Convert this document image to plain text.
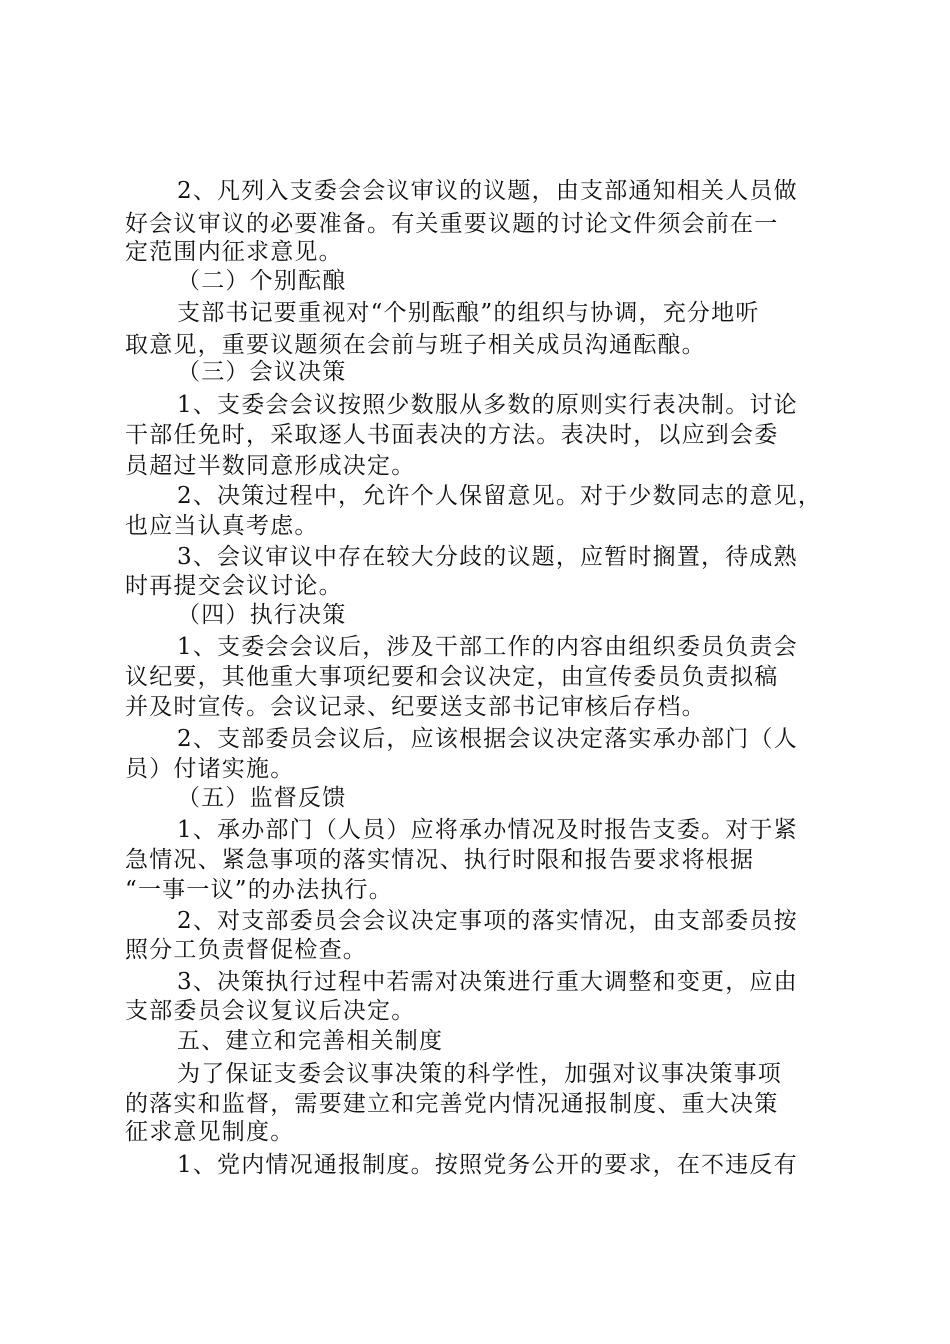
2、凡列入支委会会议审议的议题，由支部通知相关人员做
好会议审议的必要准备。有关重要议题的讨论文件须会前在一
定范围内征求意见。
（二）个别酝酿
支部书记要重视对“个别酝酿”的组织与协调，充分地听
取意见，重要议题须在会前与班子相关成员沟通酝酿。
（三）会议决策
1、支委会会议按照少数服从多数的原则实行表决制。讨论
干部任免时，采取逐人书面表决的方法。表决时，以应到会委
员超过半数同意形成决定。
2、决策过程中，允许个人保留意见。对于少数同志的意见，
也应当认真考虑。
3、会议审议中存在较大分歧的议题，应暂时搁置，待成熟
时再提交会议讨论。
（四）执行决策
1、支委会会议后，涉及干部工作的内容由组织委员负责会
议纪要，其他重大事项纪要和会议决定，由宣传委员负责拟稿
并及时宣传。会议记录、纪要送支部书记审核后存档。
2、支部委员会议后，应该根据会议决定落实承办部门（人
员）付诸实施。
（五）监督反馈
1、承办部门（人员）应将承办情况及时报告支委。对于紧
急情况、紧急事项的落实情况、执行时限和报告要求将根据
“一事一议”的办法执行。
2、对支部委员会会议决定事项的落实情况，由支部委员按
照分工负责督促检查。
3、决策执行过程中若需对决策进行重大调整和变更，应由
支部委员会议复议后决定。
五、建立和完善相关制度
为了保证支委会议事决策的科学性，加强对议事决策事项
的落实和监督，需要建立和完善党内情况通报制度、重大决策
征求意见制度。
1、党内情况通报制度。按照党务公开的要求，在不违反有
